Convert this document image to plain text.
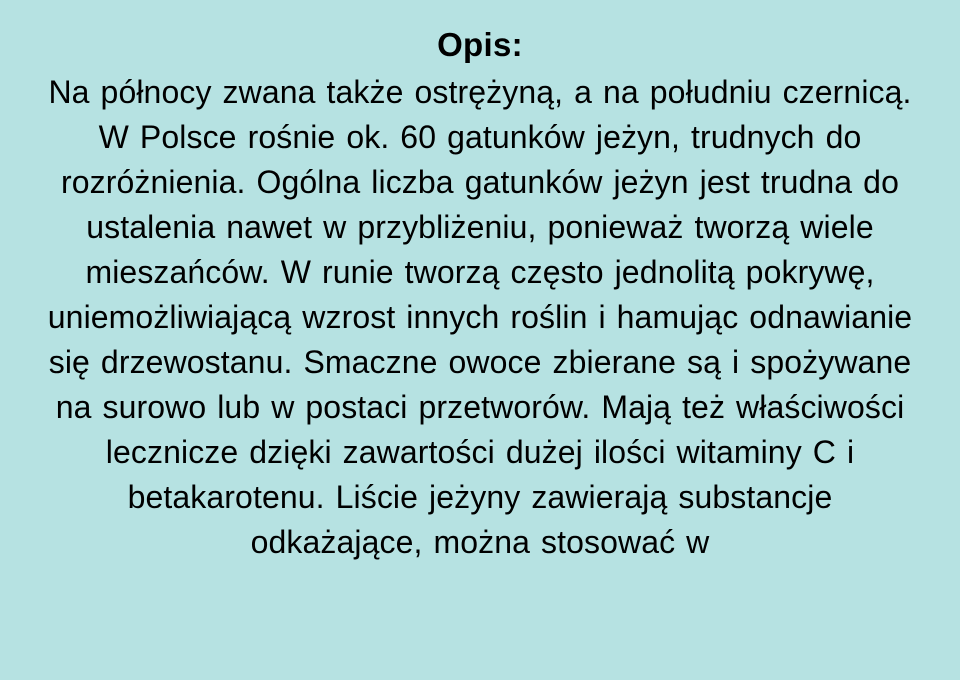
Opis:
Na północy zwana także ostrężyną, a na południu czernicą. W Polsce rośnie ok. 60 gatunków jeżyn, trudnych do rozróżnienia. Ogólna liczba gatunków jeżyn jest trudna do ustalenia nawet w przybliżeniu, ponieważ tworzą wiele mieszańców. W runie tworzą często jednolitą pokrywę, uniemożliwiającą wzrost innych roślin i hamując odnawianie się drzewostanu. Smaczne owoce zbierane są i spożywane na surowo lub w postaci przetworów. Mają też właściwości lecznicze dzięki zawartości dużej ilości witaminy C i betakarotenu. Liście jeżyny zawierają substancje odkażające, można stosować w
